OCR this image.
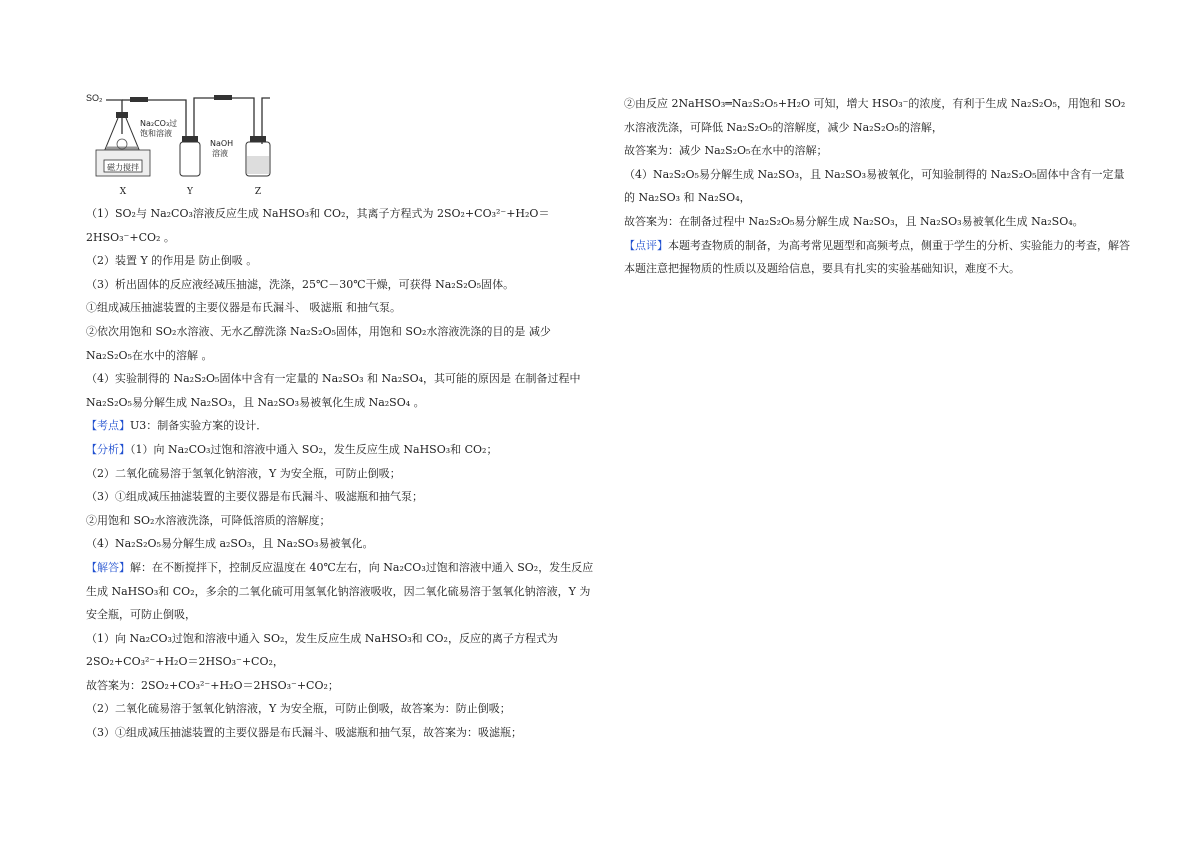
SO₂
磁力搅拌
Na₂CO₃过
饱和溶液
NaOH
溶液
X	Y	Z

（1）SO₂与 Na₂CO₃溶液反应生成 NaHSO₃和 CO₂，其离子方程式为 2SO₂+CO₃²⁻+H₂O＝2HSO₃⁻+CO₂ 。

（2）装置 Y 的作用是 防止倒吸 。

（3）析出固体的反应液经减压抽滤，洗涤，25℃－30℃干燥，可获得 Na₂S₂O₅固体。

①组成减压抽滤装置的主要仪器是布氏漏斗、 吸滤瓶 和抽气泵。

②依次用饱和 SO₂水溶液、无水乙醇洗涤 Na₂S₂O₅固体，用饱和 SO₂水溶液洗涤的目的是 减少 Na₂S₂O₅在水中的溶解 。

（4）实验制得的 Na₂S₂O₅固体中含有一定量的 Na₂SO₃ 和 Na₂SO₄，其可能的原因是 在制备过程中 Na₂S₂O₅易分解生成 Na₂SO₃，且 Na₂SO₃易被氧化生成 Na₂SO₄ 。

【考点】U3：制备实验方案的设计．

【分析】（1）向 Na₂CO₃过饱和溶液中通入 SO₂，发生反应生成 NaHSO₃和 CO₂；

（2）二氧化硫易溶于氢氧化钠溶液，Y 为安全瓶，可防止倒吸；

（3）①组成减压抽滤装置的主要仪器是布氏漏斗、吸滤瓶和抽气泵；

②用饱和 SO₂水溶液洗涤，可降低溶质的溶解度；

（4）Na₂S₂O₅易分解生成 a₂SO₃，且 Na₂SO₃易被氧化。

【解答】解：在不断搅拌下，控制反应温度在 40℃左右，向 Na₂CO₃过饱和溶液中通入 SO₂，发生反应生成 NaHSO₃和 CO₂，多余的二氧化硫可用氢氧化钠溶液吸收，因二氧化硫易溶于氢氧化钠溶液，Y 为安全瓶，可防止倒吸，

（1）向 Na₂CO₃过饱和溶液中通入 SO₂，发生反应生成 NaHSO₃和 CO₂，反应的离子方程式为 2SO₂+CO₃²⁻+H₂O＝2HSO₃⁻+CO₂，

故答案为：2SO₂+CO₃²⁻+H₂O＝2HSO₃⁻+CO₂；

（2）二氧化硫易溶于氢氧化钠溶液，Y 为安全瓶，可防止倒吸，故答案为：防止倒吸；

（3）①组成减压抽滤装置的主要仪器是布氏漏斗、吸滤瓶和抽气泵，故答案为：吸滤瓶；

②由反应 2NaHSO₃═Na₂S₂O₅+H₂O 可知，增大 HSO₃⁻的浓度，有利于生成 Na₂S₂O₅，用饱和 SO₂水溶液洗涤，可降低 Na₂S₂O₅的溶解度，减少 Na₂S₂O₅的溶解，

故答案为：减少 Na₂S₂O₅在水中的溶解；

（4）Na₂S₂O₅易分解生成 Na₂SO₃，且 Na₂SO₃易被氧化，可知验制得的 Na₂S₂O₅固体中含有一定量的 Na₂SO₃ 和 Na₂SO₄，

故答案为：在制备过程中 Na₂S₂O₅易分解生成 Na₂SO₃，且 Na₂SO₃易被氧化生成 Na₂SO₄。

【点评】本题考查物质的制备，为高考常见题型和高频考点，侧重于学生的分析、实验能力的考查，解答本题注意把握物质的性质以及题给信息，要具有扎实的实验基础知识，难度不大。
